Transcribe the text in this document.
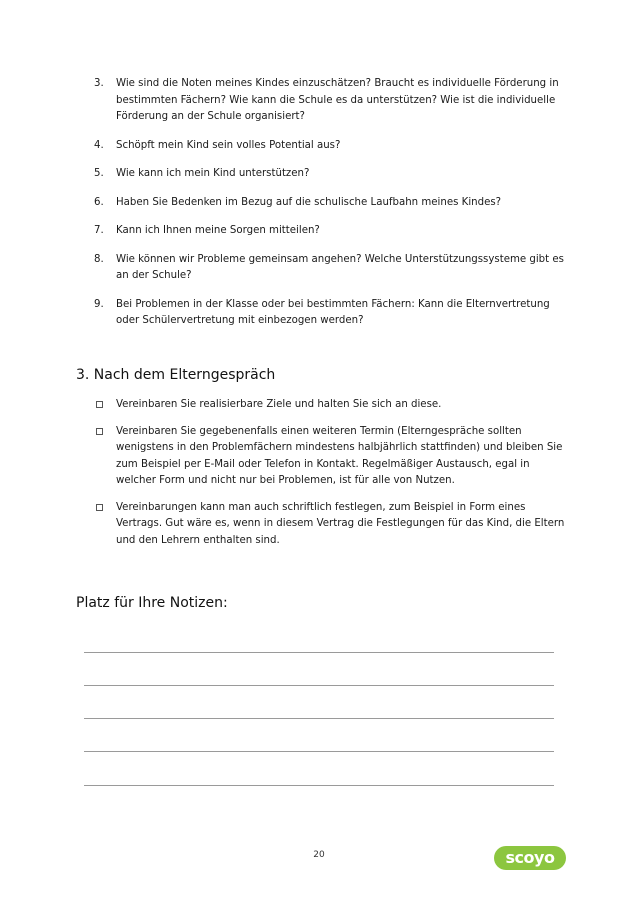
3. Wie sind die Noten meines Kindes einzuschätzen? Braucht es individuelle Förderung in bestimmten Fächern? Wie kann die Schule es da unterstützen? Wie ist die individuelle Förderung an der Schule organisiert?
4. Schöpft mein Kind sein volles Potential aus?
5. Wie kann ich mein Kind unterstützen?
6. Haben Sie Bedenken im Bezug auf die schulische Laufbahn meines Kindes?
7. Kann ich Ihnen meine Sorgen mitteilen?
8. Wie können wir Probleme gemeinsam angehen? Welche Unterstützungssysteme gibt es an der Schule?
9. Bei Problemen in der Klasse oder bei bestimmten Fächern: Kann die Elternvertretung oder Schülervertretung mit einbezogen werden?
3. Nach dem Elterngespräch
Vereinbaren Sie realisierbare Ziele und halten Sie sich an diese.
Vereinbaren Sie gegebenenfalls einen weiteren Termin (Elterngespräche sollten wenigstens in den Problemfächern mindestens halbjährlich stattfinden) und bleiben Sie zum Beispiel per E-Mail oder Telefon in Kontakt. Regelmäßiger Austausch, egal in welcher Form und nicht nur bei Problemen, ist für alle von Nutzen.
Vereinbarungen kann man auch schriftlich festlegen, zum Beispiel in Form eines Vertrags. Gut wäre es, wenn in diesem Vertrag die Festlegungen für das Kind, die Eltern und den Lehrern enthalten sind.
Platz für Ihre Notizen:
20	scoyo
